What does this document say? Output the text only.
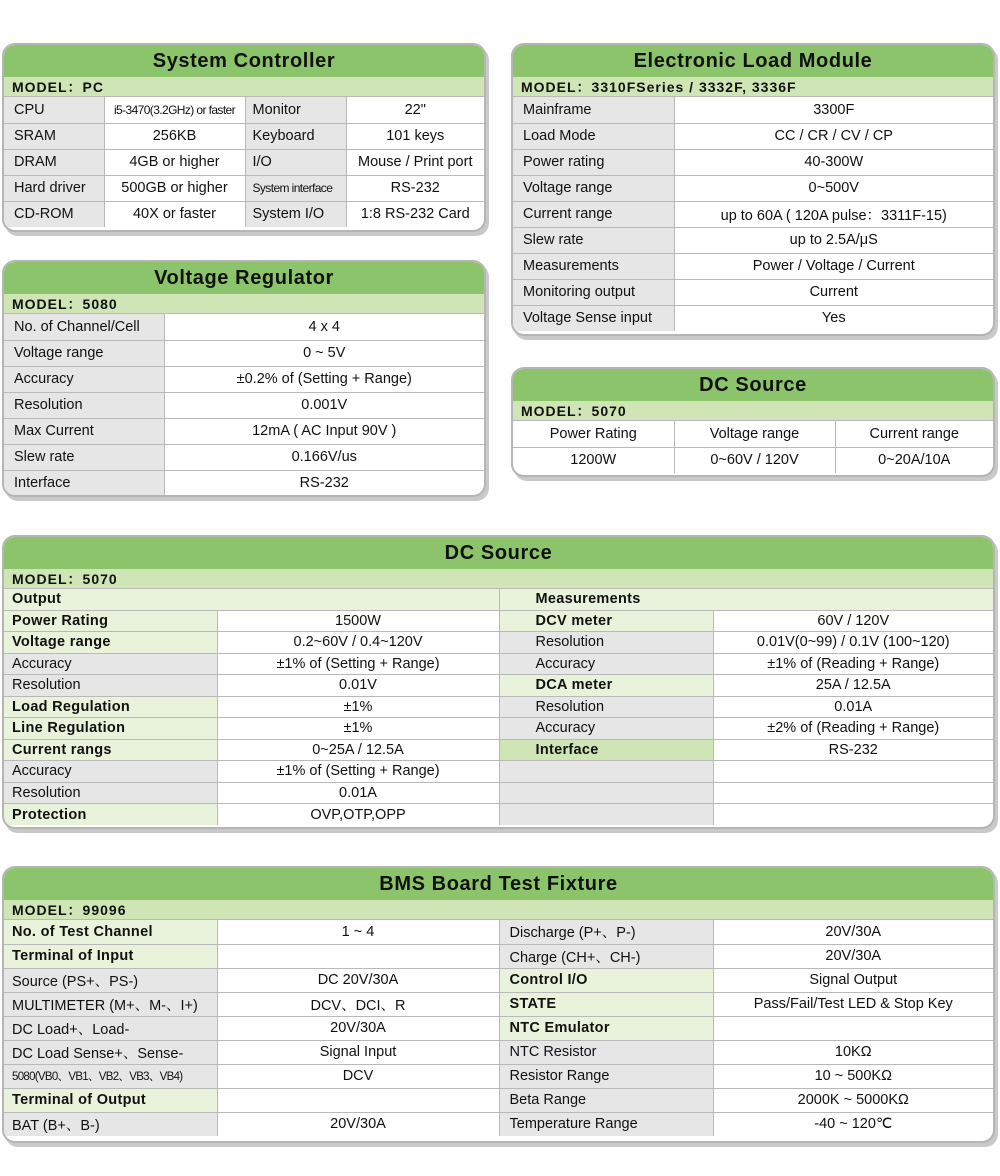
System Controller
MODEL：PC
CPU	i5-3470(3.2GHz) or faster	Monitor	22"
SRAM	256KB	Keyboard	101 keys
DRAM	4GB or higher	I/O	Mouse / Print port
Hard driver	500GB or higher	System interface	RS-232
CD-ROM	40X or faster	System I/O	1:8 RS-232 Card
Electronic Load Module
MODEL：3310FSeries / 3332F, 3336F
Mainframe	3300F
Load Mode	CC / CR / CV / CP
Power rating	40-300W
Voltage range	0~500V
Current range	up to 60A ( 120A pulse：3311F-15)
Slew rate	up to 2.5A/μS
Measurements	Power / Voltage / Current
Monitoring output	Current
Voltage Sense input	Yes
Voltage Regulator
MODEL：5080
No. of Channel/Cell	4 x 4
Voltage range	0 ~ 5V
Accuracy	±0.2% of (Setting + Range)
Resolution	0.001V
Max Current	12mA ( AC Input 90V )
Slew rate	0.166V/us
Interface	RS-232
DC Source
MODEL：5070
Power Rating	Voltage range	Current range
1200W	0~60V / 120V	0~20A/10A
DC Source
MODEL：5070
Output		Measurements	
Power Rating	1500W	DCV meter	60V / 120V
Voltage range	0.2~60V / 0.4~120V	Resolution	0.01V(0~99) / 0.1V (100~120)
Accuracy	±1% of (Setting + Range)	Accuracy	±1% of (Reading + Range)
Resolution	0.01V	DCA meter	25A / 12.5A
Load Regulation	±1%	Resolution	0.01A
Line Regulation	±1%	Accuracy	±2% of (Reading + Range)
Current rangs	0~25A / 12.5A	Interface	RS-232
Accuracy	±1% of (Setting + Range)		
Resolution	0.01A		
Protection	OVP,OTP,OPP		
BMS Board Test Fixture
MODEL：99096
No. of Test Channel	1 ~ 4	Discharge (P+、P-)	20V/30A
Terminal of Input		Charge (CH+、CH-)	20V/30A
Source (PS+、PS-)	DC 20V/30A	Control I/O	Signal Output
MULTIMETER (M+、M-、I+)	DCV、DCI、R	STATE	Pass/Fail/Test LED & Stop Key
DC Load+、Load-	20V/30A	NTC Emulator	
DC Load Sense+、Sense-	Signal Input	NTC Resistor	10KΩ
5080(VB0、VB1、VB2、VB3、VB4)	DCV	Resistor Range	10 ~ 500KΩ
Terminal of Output		Beta Range	2000K ~ 5000KΩ
BAT (B+、B-)	20V/30A	Temperature Range	-40 ~ 120℃
